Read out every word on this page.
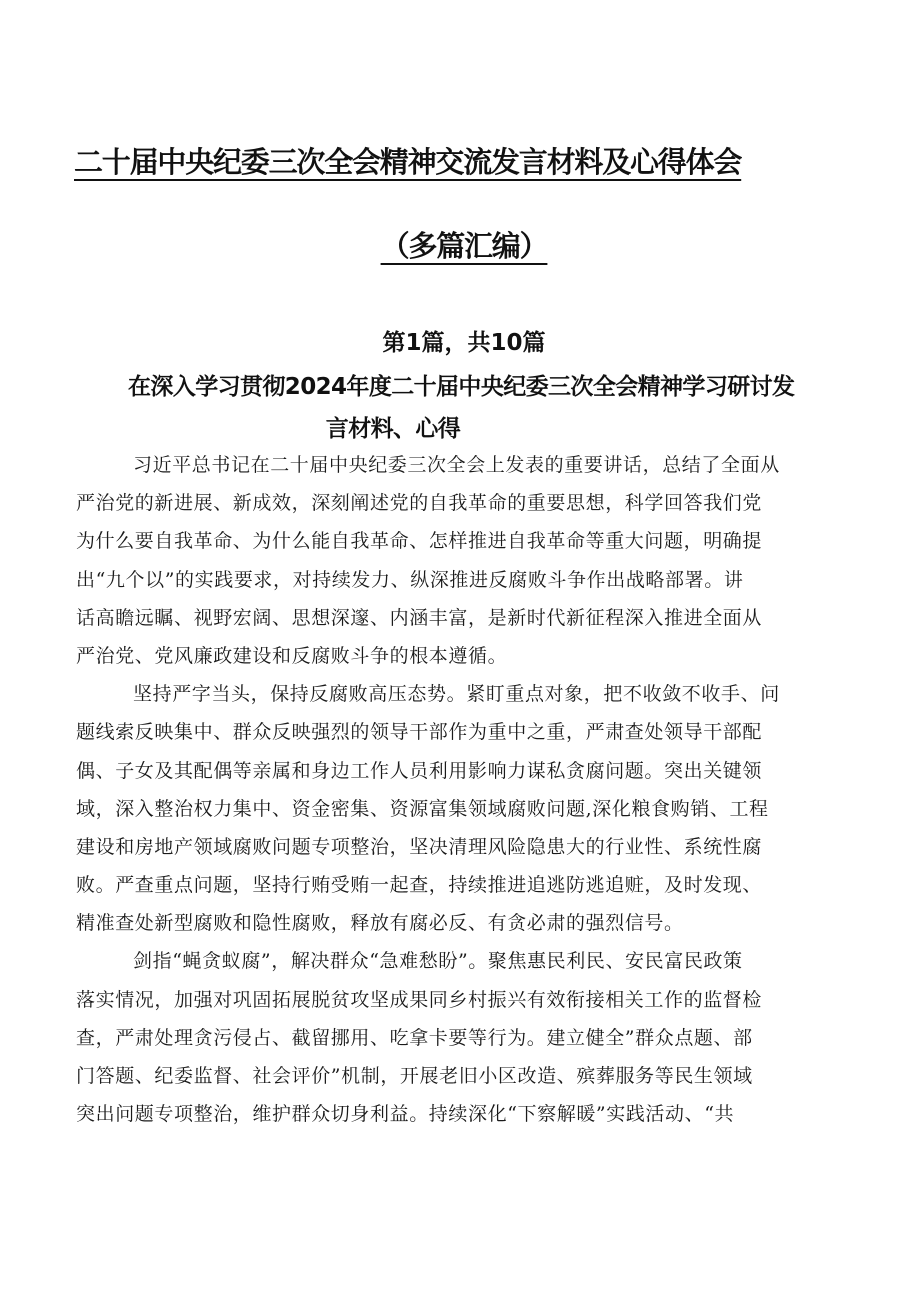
二十届中央纪委三次全会精神交流发言材料及心得体会
（多篇汇编）
第1篇，共10篇
在深入学习贯彻2024年度二十届中央纪委三次全会精神学习研讨发
言材料、心得
习近平总书记在二十届中央纪委三次全会上发表的重要讲话，总结了全面从
严治党的新进展、新成效，深刻阐述党的自我革命的重要思想，科学回答我们党
为什么要自我革命、为什么能自我革命、怎样推进自我革命等重大问题，明确提
出“九个以”的实践要求，对持续发力、纵深推进反腐败斗争作出战略部署。讲
话高瞻远瞩、视野宏阔、思想深邃、内涵丰富，是新时代新征程深入推进全面从
严治党、党风廉政建设和反腐败斗争的根本遵循。
坚持严字当头，保持反腐败高压态势。紧盯重点对象，把不收敛不收手、问
题线索反映集中、群众反映强烈的领导干部作为重中之重，严肃查处领导干部配
偶、子女及其配偶等亲属和身边工作人员利用影响力谋私贪腐问题。突出关键领
域，深入整治权力集中、资金密集、资源富集领域腐败问题,深化粮食购销、工程
建设和房地产领域腐败问题专项整治，坚决清理风险隐患大的行业性、系统性腐
败。严查重点问题，坚持行贿受贿一起查，持续推进追逃防逃追赃，及时发现、
精准查处新型腐败和隐性腐败，释放有腐必反、有贪必肃的强烈信号。
剑指“蝇贪蚁腐”，解决群众“急难愁盼”。聚焦惠民利民、安民富民政策
落实情况，加强对巩固拓展脱贫攻坚成果同乡村振兴有效衔接相关工作的监督检
查，严肃处理贪污侵占、截留挪用、吃拿卡要等行为。建立健全”群众点题、部
门答题、纪委监督、社会评价”机制，开展老旧小区改造、殡葬服务等民生领域
突出问题专项整治，维护群众切身利益。持续深化“下察解暖”实践活动、“共
